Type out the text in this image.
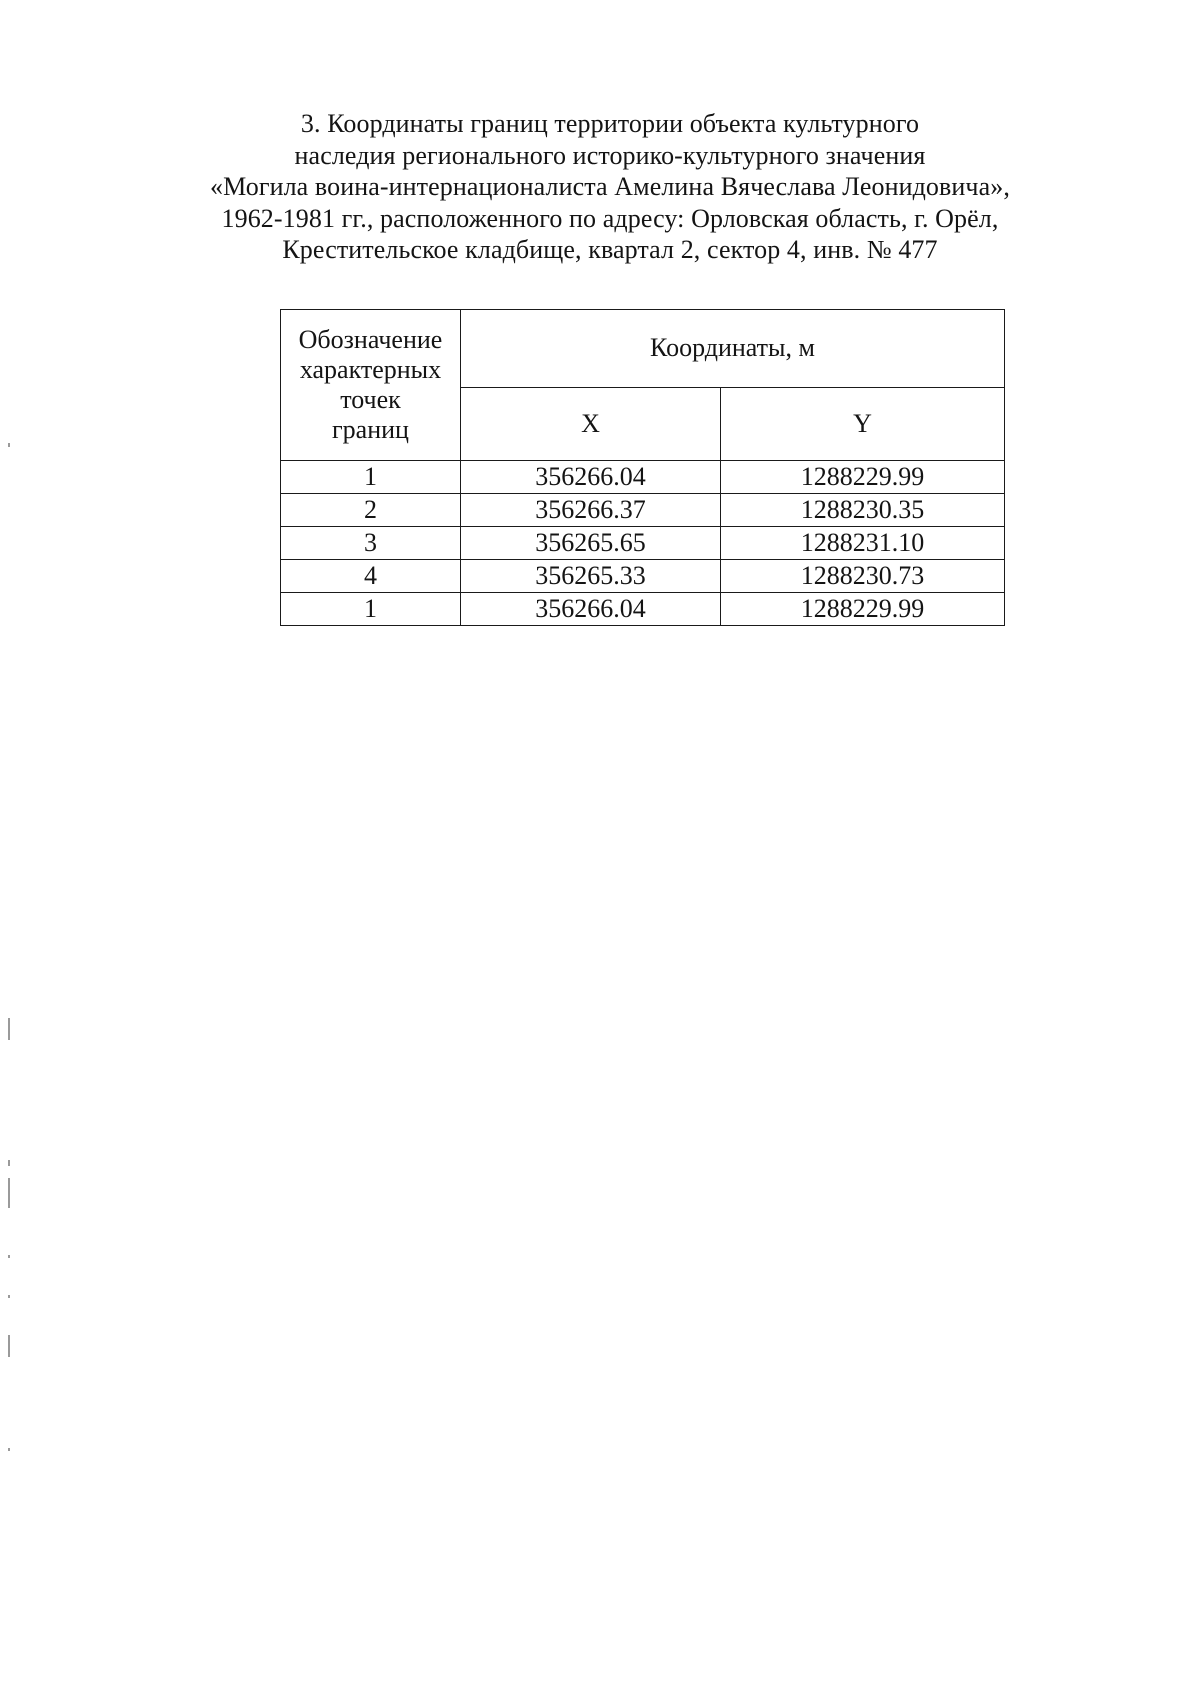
3. Координаты границ территории объекта культурного
наследия регионального историко-культурного значения
«Могила воина-интернационалиста Амелина Вячеслава Леонидовича»,
1962-1981 гг., расположенного по адресу: Орловская область, г. Орёл,
Крестительское кладбище, квартал 2, сектор 4, инв. № 477
Обозначение
характерных
точек
границ	Координаты, м	
	X	Y
1	356266.04	1288229.99
2	356266.37	1288230.35
3	356265.65	1288231.10
4	356265.33	1288230.73
1	356266.04	1288229.99
